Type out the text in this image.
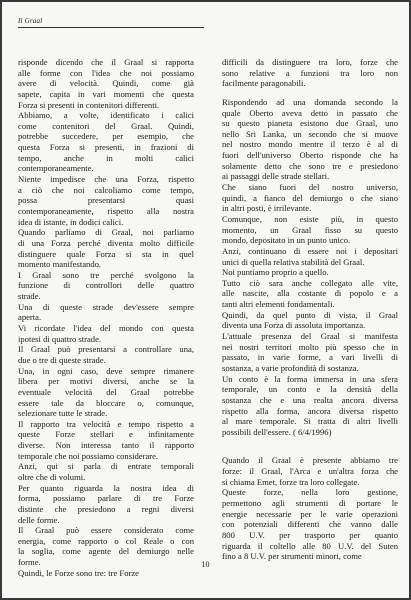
Il Graal
risponde dicendo che il Graal si rapporta
alle forme con l'idea che noi possiamo
avere di velocità. Quindi, come già
sapete, capita in vari momenti che questa
Forza si presenti in contenitori differenti.
Abbiamo, a volte, identificato i calici
come contenitori del Graal. Quindi,
potrebbe succedere, per esempio, che
questa Forza si presenti, in frazioni di
tempo, anche in molti calici
contemporaneamente.
Niente impedisce che una Forza, rispetto
a ciò che noi calcoliamo come tempo,
possa presentarsi quasi
contemporaneamente, rispetto alla nostra
idea di istante, in dodici calici.
Quando parliamo di Graal, noi parliamo
di una Forza perché diventa molto difficile
distinguere quale Forza si sta in quel
momento manifestando.
I Graal sono tre perché svolgono la
funzione di controllori delle quattro
strade.
Una di queste strade dev'essere sempre
aperta.
Vi ricordate l'idea del mondo con questa
ipotesi di quattro strade.
Il Graal può presentarsi a controllare una,
due o tre di queste strade.
Una, in ogni caso, deve sempre rimanere
libera per motivi diversi, anche se la
eventuale velocità del Graal potrebbe
essere tale da bloccare o, comunque,
selezionare tutte le strade.
Il rapporto tra velocità e tempo rispetto a
queste Forze stellari e infinitamente
diverse. Non interessa tanto il rapporto
temporale che noi possiamo considerare.
Anzi, qui si parla di entrate temporali
oltre che di volumi.
Per quanto riguarda la nostra idea di
forma, possiamo parlare di tre Forze
distinte che presiedono a regni diversi
delle forme.
Il Graal può essere considerato come
energia, come rapporto o col Reale o con
la soglia, come agente del demiurgo nelle
forme.
Quindi, le Forze sono tre: tre Forze
difficili da distinguere tra loro, forze che
sono relative a funzioni tra loro non
facilmente paragonabili.
Rispondendo ad una domanda secondo la
quale Oberto aveva detto in passato che
su questo pianeta esistono due Graal, uno
nello Sri Lanka, un secondo che si muove
nel nostro mondo mentre il terzo è al di
fuori dell'universo Oberto risponde che ha
solamente detto che sono tre e presiedono
ai passaggi delle strade stellari.
Che siano fuori del nostro universo,
quindi, a fianco del demiurgo o che siano
in altri posti, è irrilevante.
Comunque, non esiste più, in questo
momento, un Graal fisso su questo
mondo, depositato in un punto unico.
Anzi, continuano di essere noi i depositari
unici di quella relativa stabilità del Graal.
Noi puntiamo proprio a quello.
Tutto ciò sara anche collegato alle vite,
alle nascite, alla costante di popolo e a
tanti altri elementi fondamentali.
Quindi, da quel punto di vista, il Graal
diventa una Forza di assoluta importanza.
L'attuale presenza del Graal si manifesta
nei nostri territori molto più spesso che in
passato, in varie forme, a vari livelli di
sostanza, a varie profondità di sostanza.
Un conto è la forma immersa in una sfera
temporale, un conto e la densità della
sostanza che e una realta ancora diversa
rispetto alla forma, ancora diversa rispetto
al mare temporale. Si tratta di altri livelli
possibili dell'essere. ( 6/4/1996)
Quando il Graal è presente abbiamo tre
forze: il Graal, l'Arca e un'altra forza che
si chiama Emet, forze tra loro collegate.
Queste forze, nella loro gestione,
permettono agli strumenti di portare le
energie necessarie per le varie operazioni
con potenziali differenti che vanno dalle
800 U.V. per trasporto per quanto
riguarda il coltello alle 80 U.V. del Suten
fino a 8 U.V. per strumenti minori, come
10
